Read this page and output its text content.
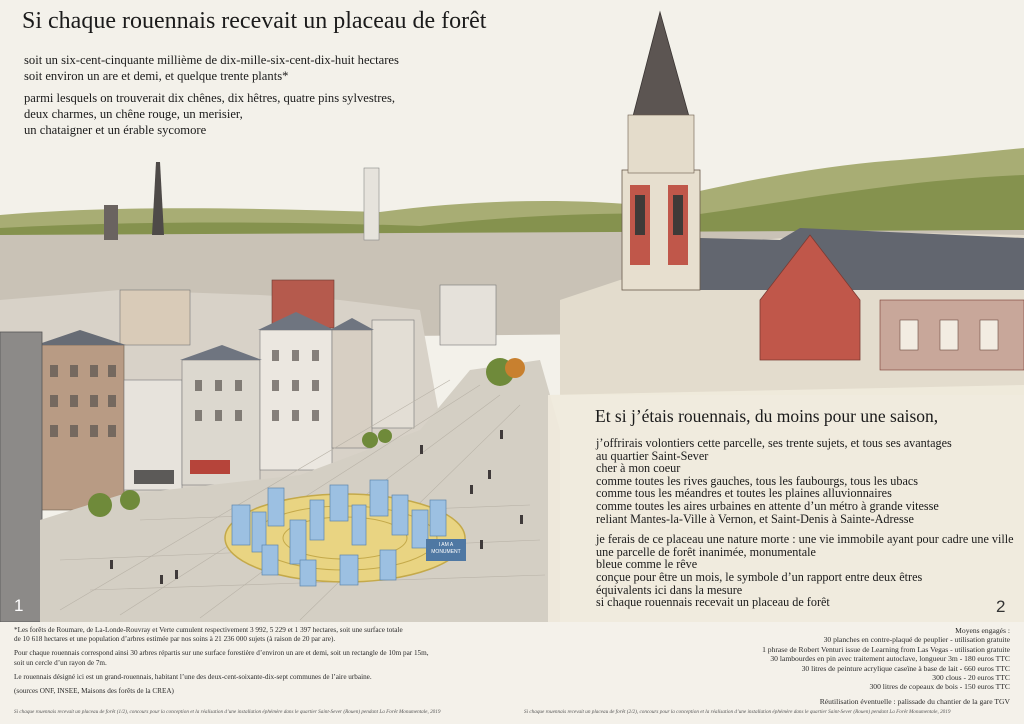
I AM A
MONUMENT
Si chaque rouennais recevait un placeau de forêt

soit un six-cent-cinquante millième de dix-mille-six-cent-dix-huit hectares
soit environ un are et demi, et quelque trente plants*

parmi lesquels on trouverait dix chênes, dix hêtres, quatre pins sylvestres,
deux charmes, un chêne rouge, un merisier,
un chataigner et un érable sycomore

Et si j’étais rouennais, du moins pour une saison,

j’offrirais volontiers cette parcelle, ses trente sujets, et tous ses avantages
au quartier Saint-Sever
cher à mon coeur
comme toutes les rives gauches, tous les faubourgs, tous les ubacs
comme tous les méandres et toutes les plaines alluvionnaires
comme toutes les aires urbaines en attente d’un métro à grande vitesse
reliant Mantes-la-Ville à Vernon, et Saint-Denis à Sainte-Adresse

je ferais de ce placeau une nature morte : une vie immobile ayant pour cadre une ville
une parcelle de forêt inanimée, monumentale
bleue comme le rêve
conçue pour être un mois, le symbole d’un rapport entre deux êtres
équivalents ici dans la mesure
si chaque rouennais recevait un placeau de forêt

1	2

*Les forêts de Roumare, de La-Londe-Rouvray et Verte cumulent respectivement 3 992, 5 229 et 1 397 hectares, soit une surface totale
de 10 618 hectares et une population d’arbres estimée par nos soins à 21 236 000 sujets (à raison de 20 par are).

Pour chaque rouennais correspond ainsi 30 arbres répartis sur une surface forestière d’environ un are et demi, soit un rectangle de 10m par 15m,
soit un cercle d’un rayon de 7m.

Le rouennais désigné ici est un grand-rouennais, habitant l’une des deux-cent-soixante-dix-sept communes de l’aire urbaine.

(sources ONF, INSEE, Maisons des forêts de la CREA)

Moyens engagés :
30 planches en contre-plaqué de peuplier - utilisation gratuite
1 phrase de Robert Venturi issue de Learning from Las Vegas - utilisation gratuite
30 lambourdes en pin avec traitement autoclave, longueur 3m - 180 euros TTC
30 litres de peinture acrylique caseïne à base de lait - 660 euros TTC
300 clous - 20 euros TTC
300 litres de copeaux de bois - 150 euros TTC
Réutilisation éventuelle : palissade du chantier de la gare TGV
Si chaque rouennais recevait un placeau de forêt (1/2), concours pour la conception et la réalisation d’une installation éphémère dans le quartier Saint-Sever (Rouen) pendant La Forêt Monumentale, 2019	Si chaque rouennais recevait un placeau de forêt (2/2), concours pour la conception et la réalisation d’une installation éphémère dans le quartier Saint-Sever (Rouen) pendant La Forêt Monumentale, 2019
